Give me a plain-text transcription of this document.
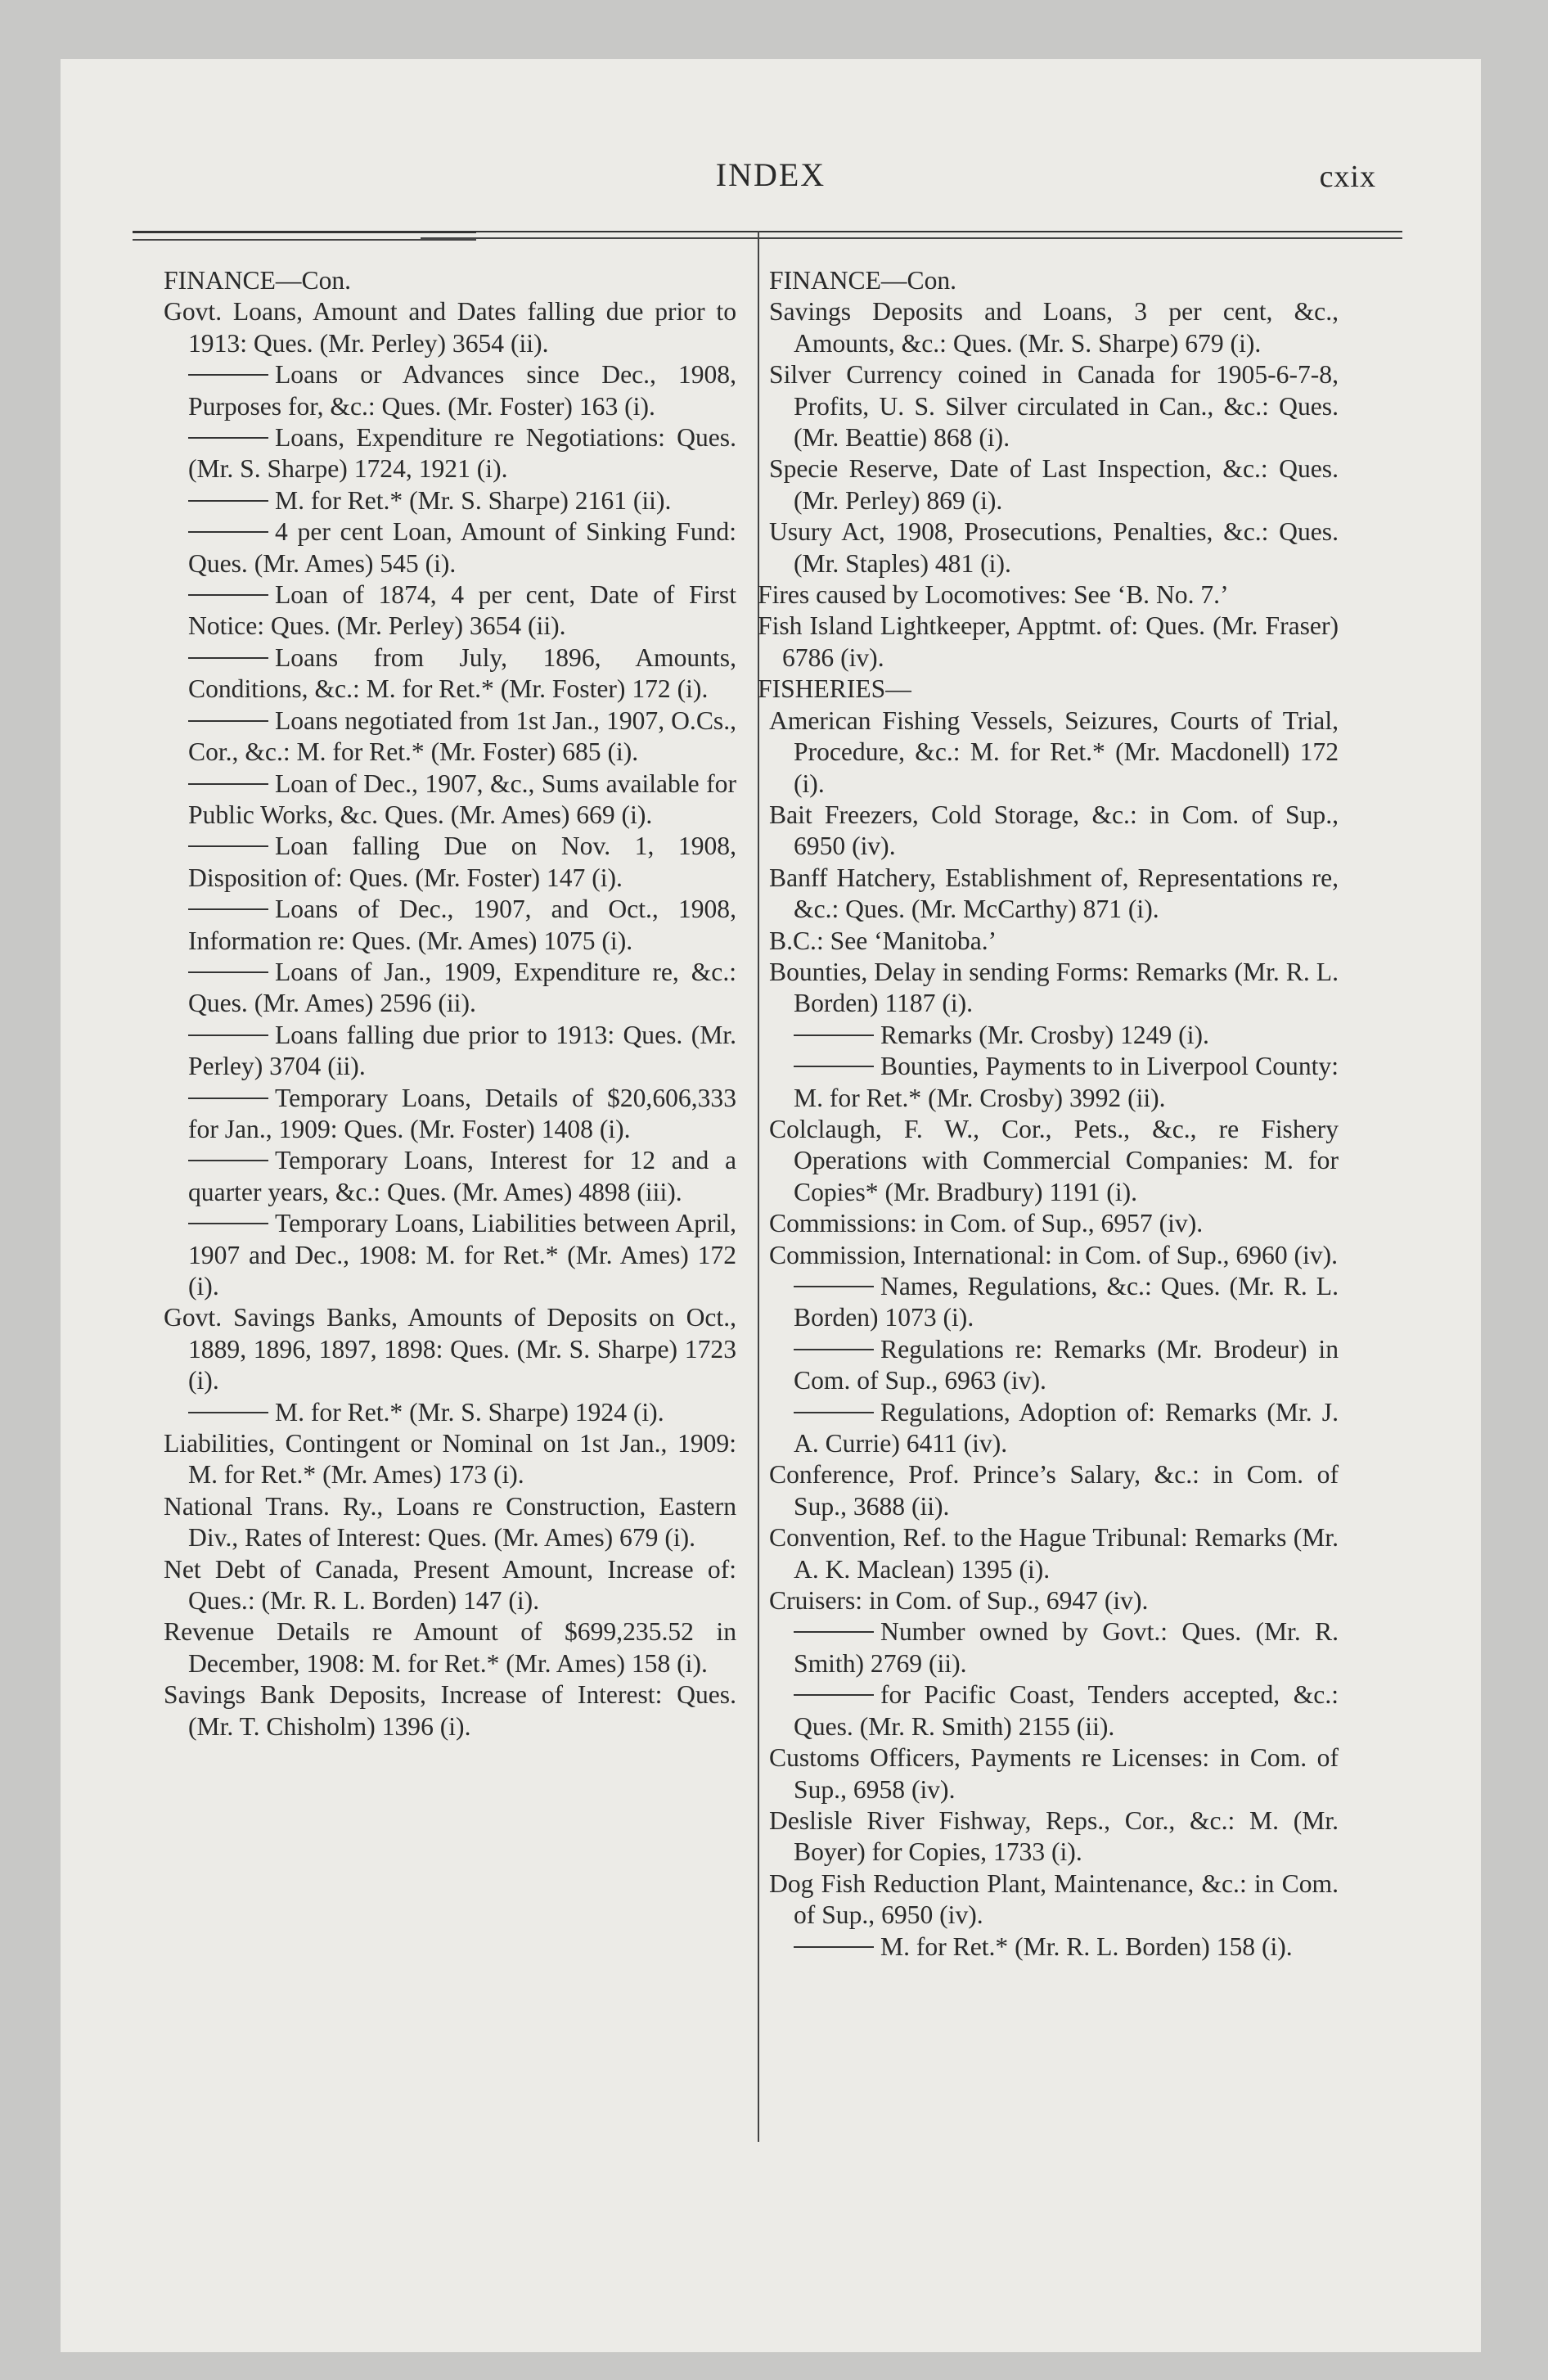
INDEX	cxix

FINANCE—Con.

Govt. Loans, Amount and Dates falling due prior to 1913: Ques. (Mr. Perley) 3654 (ii).

Loans or Advances since Dec., 1908, Purposes for, &c.: Ques. (Mr. Foster) 163 (i).

Loans, Expenditure re Negotiations: Ques. (Mr. S. Sharpe) 1724, 1921 (i).

M. for Ret.* (Mr. S. Sharpe) 2161 (ii).

4 per cent Loan, Amount of Sinking Fund: Ques. (Mr. Ames) 545 (i).

Loan of 1874, 4 per cent, Date of First Notice: Ques. (Mr. Perley) 3654 (ii).

Loans from July, 1896, Amounts, Conditions, &c.: M. for Ret.* (Mr. Foster) 172 (i).

Loans negotiated from 1st Jan., 1907, O.Cs., Cor., &c.: M. for Ret.* (Mr. Foster) 685 (i).

Loan of Dec., 1907, &c., Sums available for Public Works, &c. Ques. (Mr. Ames) 669 (i).

Loan falling Due on Nov. 1, 1908, Disposition of: Ques. (Mr. Foster) 147 (i).

Loans of Dec., 1907, and Oct., 1908, Information re: Ques. (Mr. Ames) 1075 (i).

Loans of Jan., 1909, Expenditure re, &c.: Ques. (Mr. Ames) 2596 (ii).

Loans falling due prior to 1913: Ques. (Mr. Perley) 3704 (ii).

Temporary Loans, Details of $20,606,333 for Jan., 1909: Ques. (Mr. Foster) 1408 (i).

Temporary Loans, Interest for 12 and a quarter years, &c.: Ques. (Mr. Ames) 4898 (iii).

Temporary Loans, Liabilities between April, 1907 and Dec., 1908: M. for Ret.* (Mr. Ames) 172 (i).

Govt. Savings Banks, Amounts of Deposits on Oct., 1889, 1896, 1897, 1898: Ques. (Mr. S. Sharpe) 1723 (i).

M. for Ret.* (Mr. S. Sharpe) 1924 (i).

Liabilities, Contingent or Nominal on 1st Jan., 1909: M. for Ret.* (Mr. Ames) 173 (i).

National Trans. Ry., Loans re Construction, Eastern Div., Rates of Interest: Ques. (Mr. Ames) 679 (i).

Net Debt of Canada, Present Amount, Increase of: Ques.: (Mr. R. L. Borden) 147 (i).

Revenue Details re Amount of $699,235.52 in December, 1908: M. for Ret.* (Mr. Ames) 158 (i).

Savings Bank Deposits, Increase of Interest: Ques. (Mr. T. Chisholm) 1396 (i).

FINANCE—Con.

Savings Deposits and Loans, 3 per cent, &c., Amounts, &c.: Ques. (Mr. S. Sharpe) 679 (i).

Silver Currency coined in Canada for 1905-6-7-8, Profits, U. S. Silver circulated in Can., &c.: Ques. (Mr. Beattie) 868 (i).

Specie Reserve, Date of Last Inspection, &c.: Ques. (Mr. Perley) 869 (i).

Usury Act, 1908, Prosecutions, Penalties, &c.: Ques. (Mr. Staples) 481 (i).

Fires caused by Locomotives: See ‘B. No. 7.’

Fish Island Lightkeeper, Apptmt. of: Ques. (Mr. Fraser) 6786 (iv).

FISHERIES—

American Fishing Vessels, Seizures, Courts of Trial, Procedure, &c.: M. for Ret.* (Mr. Macdonell) 172 (i).

Bait Freezers, Cold Storage, &c.: in Com. of Sup., 6950 (iv).

Banff Hatchery, Establishment of, Representations re, &c.: Ques. (Mr. McCarthy) 871 (i).

B.C.: See ‘Manitoba.’

Bounties, Delay in sending Forms: Remarks (Mr. R. L. Borden) 1187 (i).

Remarks (Mr. Crosby) 1249 (i).

Bounties, Payments to in Liverpool County: M. for Ret.* (Mr. Crosby) 3992 (ii).

Colclaugh, F. W., Cor., Pets., &c., re Fishery Operations with Commercial Companies: M. for Copies* (Mr. Bradbury) 1191 (i).

Commissions: in Com. of Sup., 6957 (iv).

Commission, International: in Com. of Sup., 6960 (iv).

Names, Regulations, &c.: Ques. (Mr. R. L. Borden) 1073 (i).

Regulations re: Remarks (Mr. Brodeur) in Com. of Sup., 6963 (iv).

Regulations, Adoption of: Remarks (Mr. J. A. Currie) 6411 (iv).

Conference, Prof. Prince’s Salary, &c.: in Com. of Sup., 3688 (ii).

Convention, Ref. to the Hague Tribunal: Remarks (Mr. A. K. Maclean) 1395 (i).

Cruisers: in Com. of Sup., 6947 (iv).

Number owned by Govt.: Ques. (Mr. R. Smith) 2769 (ii).

for Pacific Coast, Tenders accepted, &c.: Ques. (Mr. R. Smith) 2155 (ii).

Customs Officers, Payments re Licenses: in Com. of Sup., 6958 (iv).

Deslisle River Fishway, Reps., Cor., &c.: M. (Mr. Boyer) for Copies, 1733 (i).

Dog Fish Reduction Plant, Maintenance, &c.: in Com. of Sup., 6950 (iv).

M. for Ret.* (Mr. R. L. Borden) 158 (i).
